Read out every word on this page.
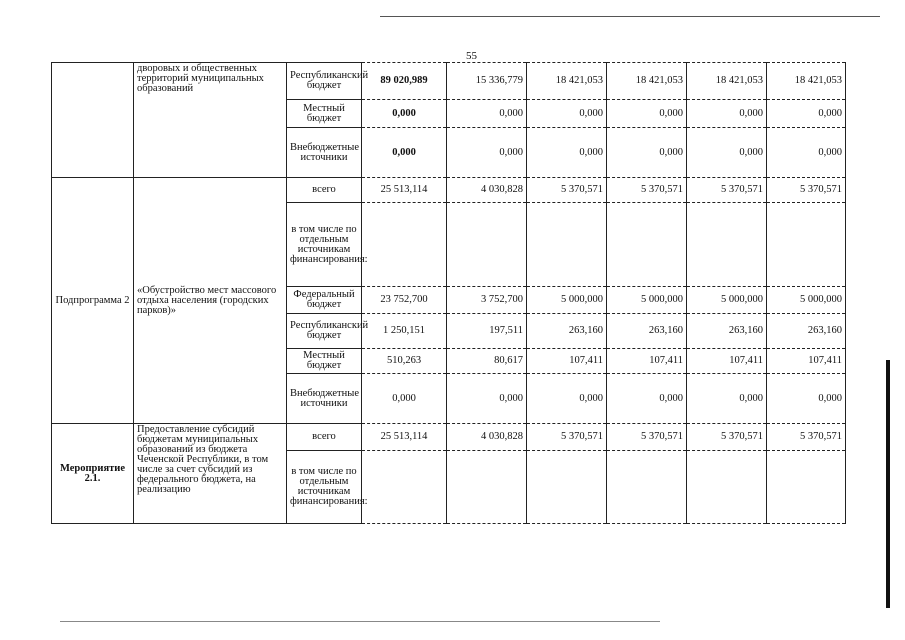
55
	дворовых и общественных территорий муниципальных образований	Республиканский бюджет	89 020,989	15 336,779	18 421,053	18 421,053	18 421,053	18 421,053
		Местный бюджет	0,000	0,000	0,000	0,000	0,000	0,000
		Внебюджетные источники	0,000	0,000	0,000	0,000	0,000	0,000
Подпрограмма 2	«Обустройство мест массового отдыха населения (городских парков)»	всего	25 513,114	4 030,828	5 370,571	5 370,571	5 370,571	5 370,571
		в том числе по отдельным источникам финансирования:						
		Федеральный бюджет	23 752,700	3 752,700	5 000,000	5 000,000	5 000,000	5 000,000
		Республиканский бюджет	1 250,151	197,511	263,160	263,160	263,160	263,160
		Местный бюджет	510,263	80,617	107,411	107,411	107,411	107,411
		Внебюджетные источники	0,000	0,000	0,000	0,000	0,000	0,000
Мероприятие 2.1.	Предоставление субсидий бюджетам муниципальных образований из бюджета Чеченской Республики, в том числе за счет субсидий из федерального бюджета, на реализацию	всего	25 513,114	4 030,828	5 370,571	5 370,571	5 370,571	5 370,571
		в том числе по отдельным источникам финансирования:						
